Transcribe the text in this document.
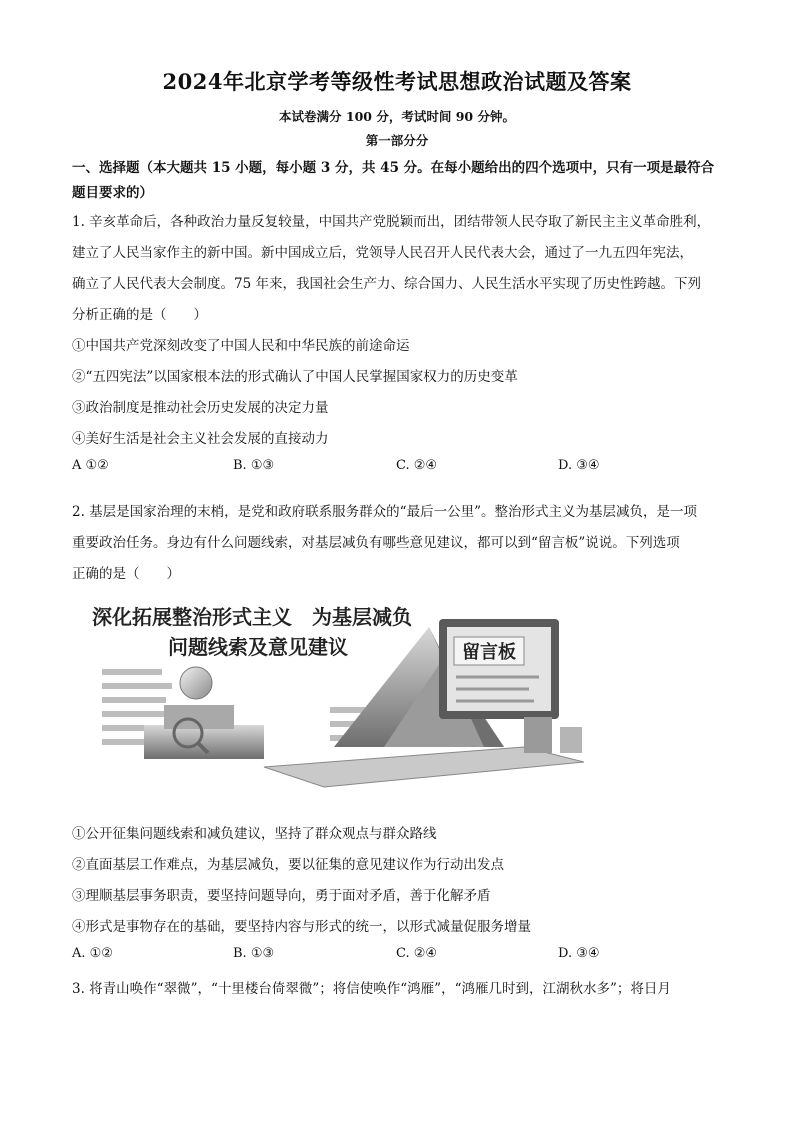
2024年北京学考等级性考试思想政治试题及答案
本试卷满分 100 分，考试时间 90 分钟。
第一部分分
一、选择题（本大题共 15 小题，每小题 3 分，共 45 分。在每小题给出的四个选项中，只有一项是最符合
题目要求的）
1. 辛亥革命后，各种政治力量反复较量，中国共产党脱颖而出，团结带领人民夺取了新民主主义革命胜利，
建立了人民当家作主的新中国。新中国成立后，党领导人民召开人民代表大会，通过了一九五四年宪法，
确立了人民代表大会制度。75 年来，我国社会生产力、综合国力、人民生活水平实现了历史性跨越。下列
分析正确的是（　　）
①中国共产党深刻改变了中国人民和中华民族的前途命运
②“五四宪法”以国家根本法的形式确认了中国人民掌握国家权力的历史变革
③政治制度是推动社会历史发展的决定力量
④美好生活是社会主义社会发展的直接动力
A ①②	B. ①③	C. ②④	D. ③④
2. 基层是国家治理的末梢，是党和政府联系服务群众的“最后一公里”。整治形式主义为基层减负，是一项
重要政治任务。身边有什么问题线索，对基层减负有哪些意见建议，都可以到“留言板”说说。下列选项
正确的是（　　）
留言板
深化拓展整治形式主义　为基层减负
问题线索及意见建议
①公开征集问题线索和减负建议，坚持了群众观点与群众路线
②直面基层工作难点，为基层减负，要以征集的意见建议作为行动出发点
③理顺基层事务职责，要坚持问题导向，勇于面对矛盾，善于化解矛盾
④形式是事物存在的基础，要坚持内容与形式的统一，以形式减量促服务增量
A. ①②	B. ①③	C. ②④	D. ③④
3. 将青山唤作“翠微”，“十里楼台倚翠微”；将信使唤作“鸿雁”，“鸿雁几时到，江湖秋水多”；将日月
